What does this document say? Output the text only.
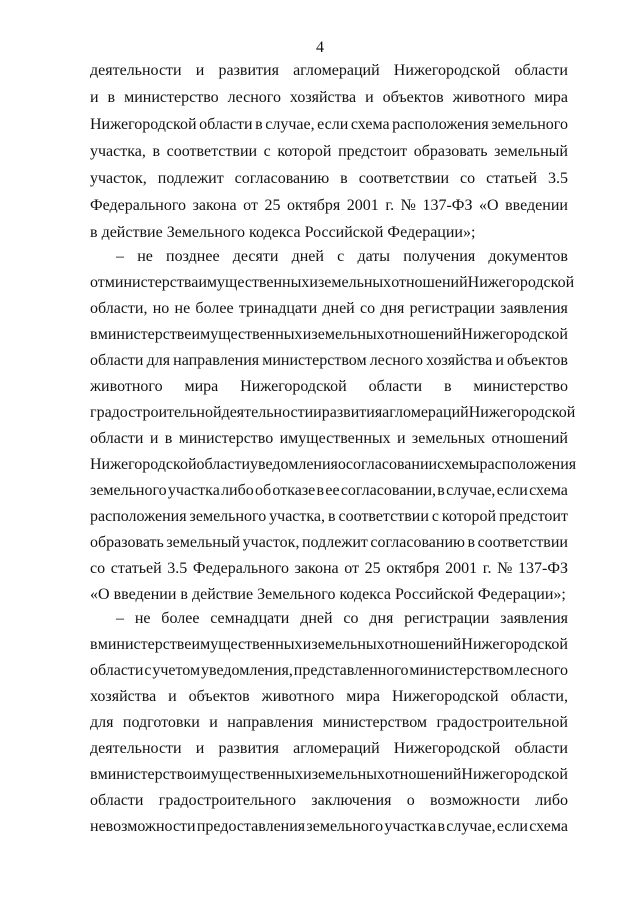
4
деятельности и развития агломераций Нижегородской области
и в министерство лесного хозяйства и объектов животного мира
Нижегородской области в случае, если схема расположения земельного
участка, в соответствии с которой предстоит образовать земельный
участок, подлежит согласованию в соответствии со статьей 3.5
Федерального закона от 25 октября 2001 г. № 137-ФЗ «О введении
в действие Земельного кодекса Российской Федерации»;
– не позднее десяти дней с даты получения документов
от министерства имущественных и земельных отношений Нижегородской
области, но не более тринадцати дней со дня регистрации заявления
в министерстве имущественных и земельных отношений Нижегородской
области для направления министерством лесного хозяйства и объектов
животного мира Нижегородской области в министерство
градостроительной деятельности и развития агломераций Нижегородской
области и в министерство имущественных и земельных отношений
Нижегородской области уведомления о согласовании схемы расположения
земельного участка либо об отказе в ее согласовании, в случае, если схема
расположения земельного участка, в соответствии с которой предстоит
образовать земельный участок, подлежит согласованию в соответствии
со статьей 3.5 Федерального закона от 25 октября 2001 г. № 137-ФЗ
«О введении в действие Земельного кодекса Российской Федерации»;
– не более семнадцати дней со дня регистрации заявления
в министерстве имущественных и земельных отношений Нижегородской
области с учетом уведомления, представленного министерством лесного
хозяйства и объектов животного мира Нижегородской области,
для подготовки и направления министерством градостроительной
деятельности и развития агломераций Нижегородской области
в министерство имущественных и земельных отношений Нижегородской
области градостроительного заключения о возможности либо
невозможности предоставления земельного участка в случае, если схема
